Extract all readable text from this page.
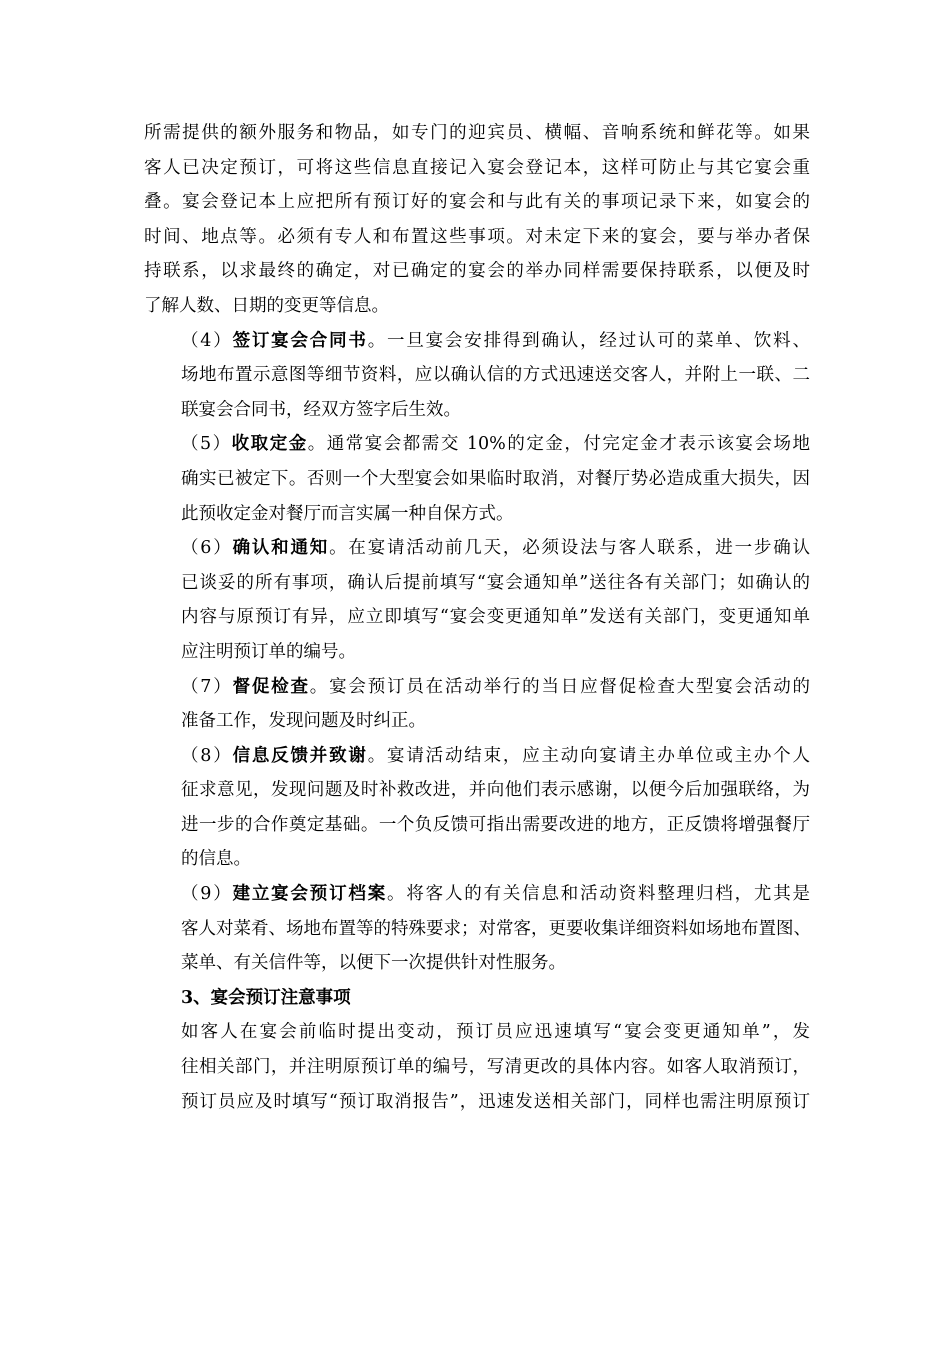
所需提供的额外服务和物品，如专门的迎宾员、横幅、音响系统和鲜花等。如果
客人已决定预订，可将这些信息直接记入宴会登记本，这样可防止与其它宴会重
叠。宴会登记本上应把所有预订好的宴会和与此有关的事项记录下来，如宴会的
时间、地点等。必须有专人和布置这些事项。对未定下来的宴会，要与举办者保
持联系，以求最终的确定，对已确定的宴会的举办同样需要保持联系，以便及时
了解人数、日期的变更等信息。

（4）签订宴会合同书。一旦宴会安排得到确认，经过认可的菜单、饮料、
场地布置示意图等细节资料，应以确认信的方式迅速送交客人，并附上一联、二
联宴会合同书，经双方签字后生效。

（5）收取定金。通常宴会都需交 10%的定金，付完定金才表示该宴会场地
确实已被定下。否则一个大型宴会如果临时取消，对餐厅势必造成重大损失，因
此预收定金对餐厅而言实属一种自保方式。

（6）确认和通知。在宴请活动前几天，必须设法与客人联系，进一步确认
已谈妥的所有事项，确认后提前填写“宴会通知单”送往各有关部门；如确认的
内容与原预订有异，应立即填写“宴会变更通知单”发送有关部门，变更通知单
应注明预订单的编号。

（7）督促检查。宴会预订员在活动举行的当日应督促检查大型宴会活动的
准备工作，发现问题及时纠正。

（8）信息反馈并致谢。宴请活动结束，应主动向宴请主办单位或主办个人
征求意见，发现问题及时补救改进，并向他们表示感谢，以便今后加强联络，为
进一步的合作奠定基础。一个负反馈可指出需要改进的地方，正反馈将增强餐厅
的信息。

（9）建立宴会预订档案。将客人的有关信息和活动资料整理归档，尤其是
客人对菜肴、场地布置等的特殊要求；对常客，更要收集详细资料如场地布置图、
菜单、有关信件等，以便下一次提供针对性服务。

3、宴会预订注意事项

如客人在宴会前临时提出变动，预订员应迅速填写“宴会变更通知单”，发
往相关部门，并注明原预订单的编号，写清更改的具体内容。如客人取消预订，
预订员应及时填写“预订取消报告”，迅速发送相关部门，同样也需注明原预订
